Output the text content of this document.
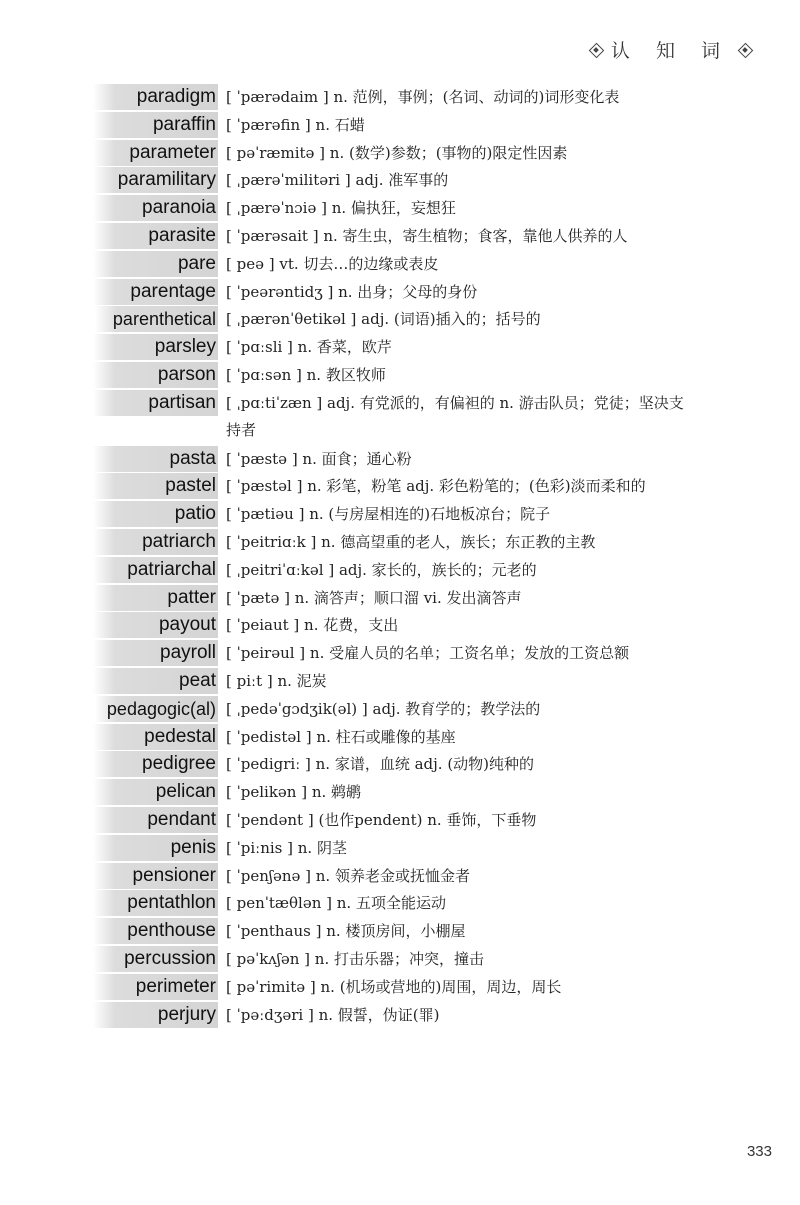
认 知 词
paradigm [ ˈpærədaim ] n. 范例，事例；(名词、动词的)词形变化表
paraffin [ ˈpærəfin ] n. 石蜡
parameter [ pəˈræmitə ] n. (数学)参数；(事物的)限定性因素
paramilitary [ ˌpærəˈmilitəri ] adj. 准军事的
paranoia [ ˌpærəˈnɔiə ] n. 偏执狂，妄想狂
parasite [ ˈpærəsait ] n. 寄生虫，寄生植物；食客，靠他人供养的人
pare [ peə ] vt. 切去…的边缘或表皮
parentage [ ˈpeərəntidʒ ] n. 出身；父母的身份
parenthetical [ ˌpærənˈθetikəl ] adj. (词语)插入的；括号的
parsley [ ˈpɑːsli ] n. 香菜，欧芹
parson [ ˈpɑːsən ] n. 教区牧师
partisan [ ˌpɑːtiˈzæn ] adj. 有党派的，有偏袒的 n. 游击队员；党徒；坚决支
持者
pasta [ ˈpæstə ] n. 面食；通心粉
pastel [ ˈpæstəl ] n. 彩笔，粉笔 adj. 彩色粉笔的；(色彩)淡而柔和的
patio [ ˈpætiəu ] n. (与房屋相连的)石地板凉台；院子
patriarch [ ˈpeitriɑːk ] n. 德高望重的老人，族长；东正教的主教
patriarchal [ ˌpeitriˈɑːkəl ] adj. 家长的，族长的；元老的
patter [ ˈpætə ] n. 滴答声；顺口溜 vi. 发出滴答声
payout [ ˈpeiaut ] n. 花费，支出
payroll [ ˈpeirəul ] n. 受雇人员的名单；工资名单；发放的工资总额
peat [ piːt ] n. 泥炭
pedagogic(al) [ ˌpedəˈgɔdʒik(əl) ] adj. 教育学的；教学法的
pedestal [ ˈpedistəl ] n. 柱石或雕像的基座
pedigree [ ˈpedigriː ] n. 家谱，血统 adj. (动物)纯种的
pelican [ ˈpelikən ] n. 鹈鹕
pendant [ ˈpendənt ] (也作pendent) n. 垂饰，下垂物
penis [ ˈpiːnis ] n. 阴茎
pensioner [ ˈpenʃənə ] n. 领养老金或抚恤金者
pentathlon [ penˈtæθlən ] n. 五项全能运动
penthouse [ ˈpenthaus ] n. 楼顶房间，小棚屋
percussion [ pəˈkʌʃən ] n. 打击乐器；冲突，撞击
perimeter [ pəˈrimitə ] n. (机场或营地的)周围，周边，周长
perjury [ ˈpəːdʒəri ] n. 假誓，伪证(罪)
333
